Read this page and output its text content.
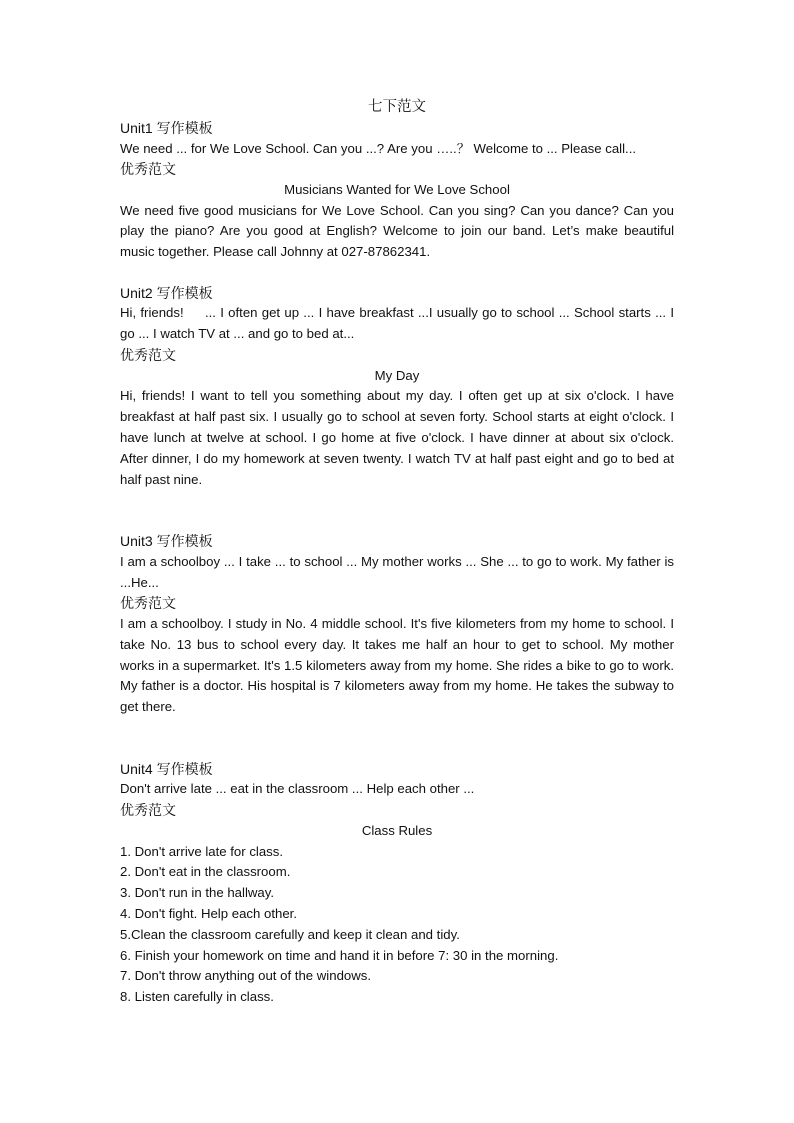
七下范文

Unit1 写作模板

We need ... for We Love School. Can you ...? Are you …..？ Welcome to ... Please call...

优秀范文

Musicians Wanted for We Love School

We need five good musicians for We Love School. Can you sing? Can you dance? Can you play the piano? Are you good at English? Welcome to join our band. Let’s make beautiful music together. Please call Johnny at 027-87862341.

Unit2 写作模板

Hi, friends!     ... I often get up ... I have breakfast ...I usually go to school ... School starts ... I go ... I watch TV at ... and go to bed at...

优秀范文

My Day

Hi, friends! I want to tell you something about my day. I often get up at six o'clock. I have breakfast at half past six. I usually go to school at seven forty. School starts at eight o'clock. I have lunch at twelve at school. I go home at five o'clock. I have dinner at about six o'clock. After dinner, I do my homework at seven twenty. I watch TV at half past eight and go to bed at half past nine.

Unit3 写作模板

I am a schoolboy ... I take ... to school ... My mother works ... She ... to go to work. My father is ...He...

优秀范文

I am a schoolboy. I study in No. 4 middle school. It's five kilometers from my home to school. I take No. 13 bus to school every day. It takes me half an hour to get to school. My mother works in a supermarket. It's 1.5 kilometers away from my home. She rides a bike to go to work. My father is a doctor. His hospital is 7 kilometers away from my home. He takes the subway to get there.

Unit4 写作模板

Don't arrive late ... eat in the classroom ... Help each other ...

优秀范文

Class Rules

1. Don't arrive late for class.
2. Don't eat in the classroom.
3. Don't run in the hallway.
4. Don't fight. Help each other.
5.Clean the classroom carefully and keep it clean and tidy.
6. Finish your homework on time and hand it in before 7: 30 in the morning.
7. Don't throw anything out of the windows.
8. Listen carefully in class.
